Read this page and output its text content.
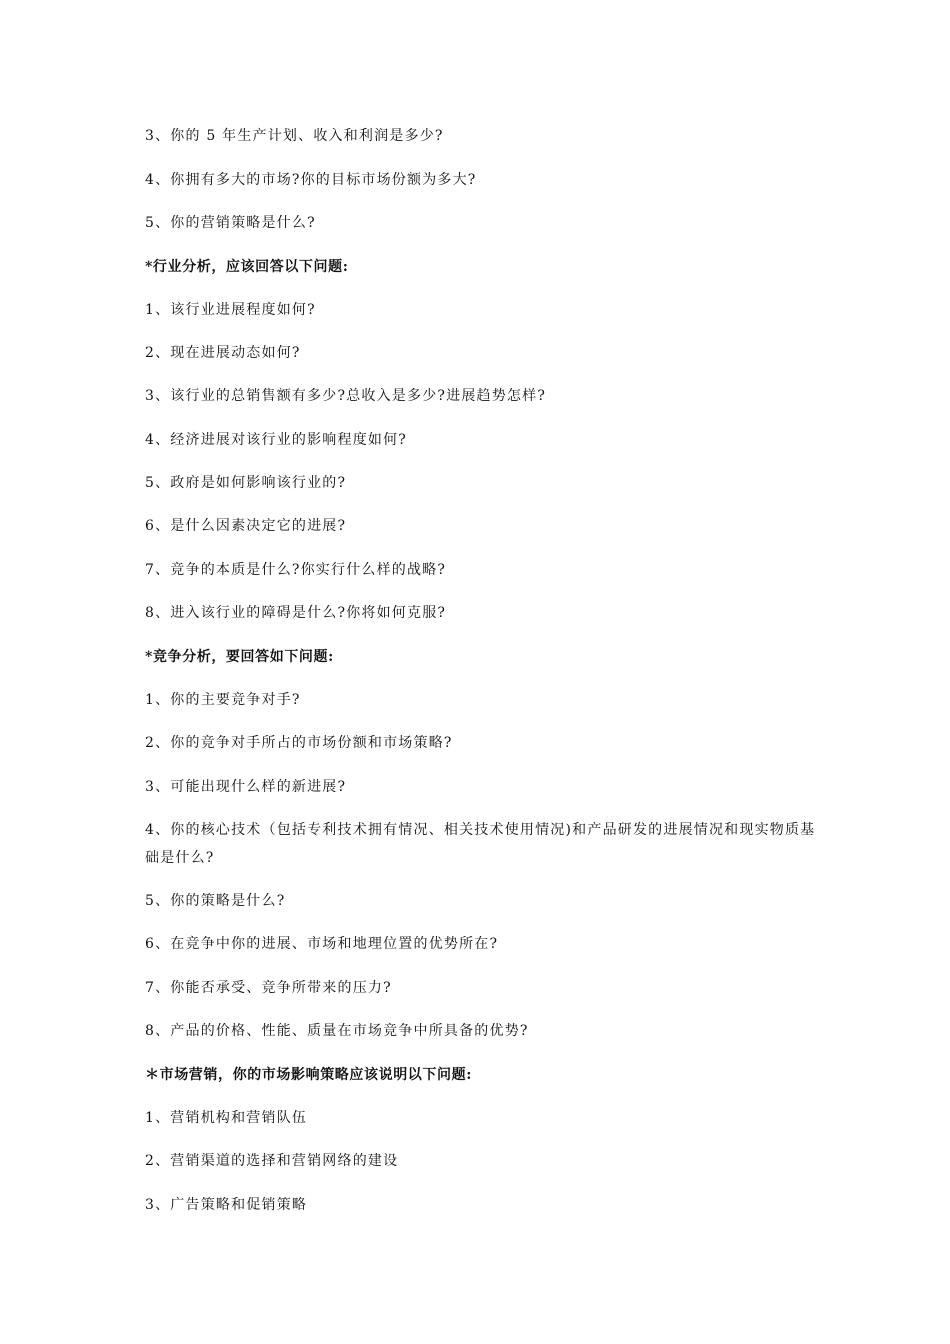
3、你的 5 年生产计划、收入和利润是多少?
4、你拥有多大的市场?你的目标市场份额为多大?
5、你的营销策略是什么?
*行业分析，应该回答以下问题:
1、该行业进展程度如何?
2、现在进展动态如何?
3、该行业的总销售额有多少?总收入是多少?进展趋势怎样?
4、经济进展对该行业的影响程度如何?
5、政府是如何影响该行业的?
6、是什么因素决定它的进展?
7、竞争的本质是什么?你实行什么样的战略?
8、进入该行业的障碍是什么?你将如何克服?
*竞争分析，要回答如下问题:
1、你的主要竞争对手?
2、你的竞争对手所占的市场份额和市场策略?
3、可能出现什么样的新进展?
4、你的核心技术（包括专利技术拥有情况、相关技术使用情况)和产品研发的进展情况和现实物质基础是什么?
5、你的策略是什么?
6、在竞争中你的进展、市场和地理位置的优势所在?
7、你能否承受、竞争所带来的压力?
8、产品的价格、性能、质量在市场竞争中所具备的优势?
＊市场营销，你的市场影响策略应该说明以下问题:
1、营销机构和营销队伍
2、营销渠道的选择和营销网络的建设
3、广告策略和促销策略
